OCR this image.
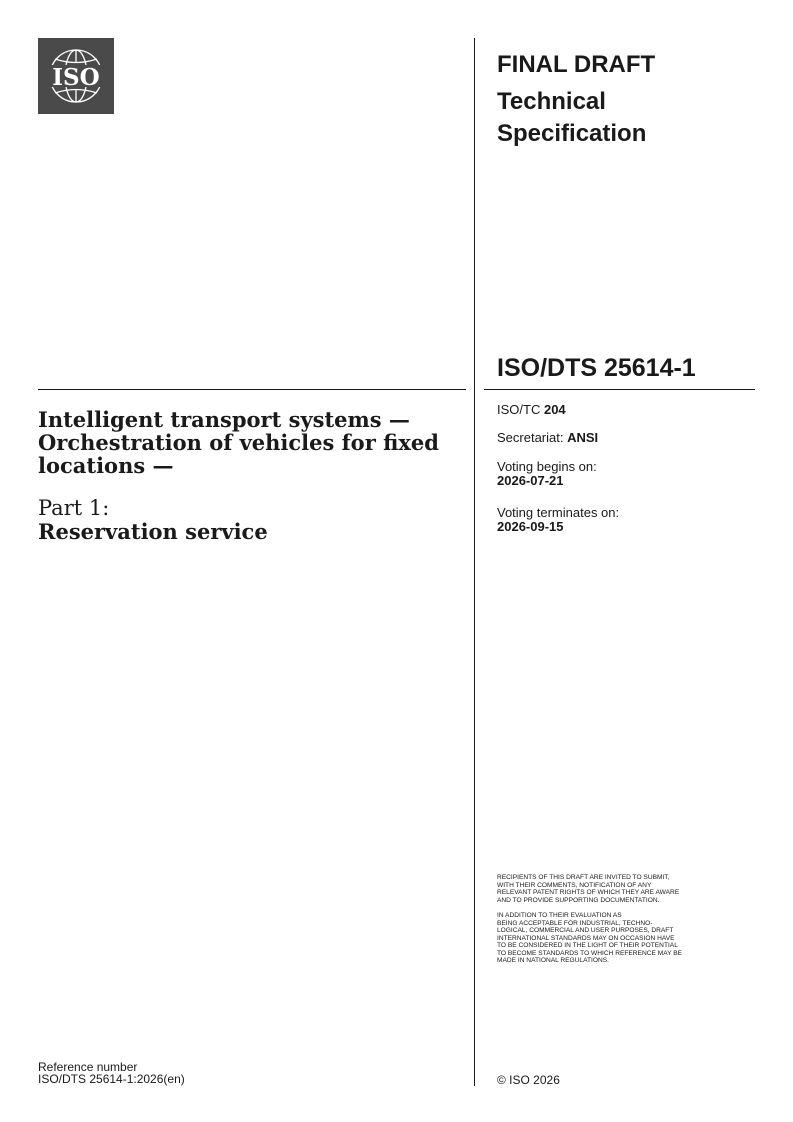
ISO	FINAL DRAFT
Technical
Specification
ISO/DTS 25614-1
Intelligent transport systems —
Orchestration of vehicles for fixed
locations —
Part 1:
Reservation service
ISO/TC 204
Secretariat: ANSI
Voting begins on:
2026-07-21
Voting terminates on:
2026-09-15
RECIPIENTS OF THIS DRAFT ARE INVITED TO SUBMIT,
WITH THEIR COMMENTS, NOTIFICATION OF ANY
RELEVANT PATENT RIGHTS OF WHICH THEY ARE AWARE
AND TO PROVIDE SUPPORTING DOCUMENTATION.
IN ADDITION TO THEIR EVALUATION AS
BEING ACCEPTABLE FOR INDUSTRIAL, TECHNO-
LOGICAL, COMMERCIAL AND USER PURPOSES, DRAFT
INTERNATIONAL STANDARDS MAY ON OCCASION HAVE
TO BE CONSIDERED IN THE LIGHT OF THEIR POTENTIAL
TO BECOME STANDARDS TO WHICH REFERENCE MAY BE
MADE IN NATIONAL REGULATIONS.
Reference number
ISO/DTS 25614-1:2026(en)	© ISO 2026
